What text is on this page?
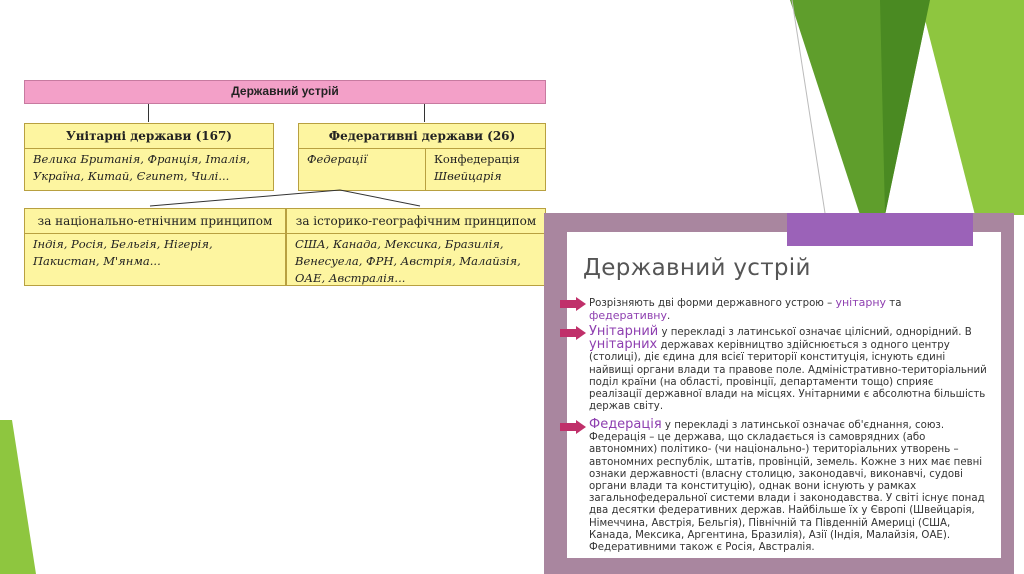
Державний устрій
Унітарні держави (167)
Велика Британія, Франція, Італія,
Україна, Китай, Єгипет, Чилі...
Федеративні держави (26)
Федерації	Конфедерація
Швейцарія
за національно-етнічним принципом
Індія, Росія, Бельгія, Нігерія,
Пакистан, М'янма...
за історико-географічним принципом
США, Канада, Мексика, Бразилія,
Венесуела, ФРН, Австрія, Малайзія,
ОАЕ, Австралія...	Державний устрій
Розрізняють дві форми державного устрою – унітарну та
федеративну.
Унітарний у перекладі з латинської означає цілісний, однорідний. В
унітарних державах керівництво здійснюється з одного центру (столиці), діє єдина для всієї території конституція, існують єдині найвищі органи влади та правове поле. Адміністративно-територіальний поділ країни (на області, провінції, департаменти тощо) сприяє реалізації державної влади на місцях. Унітарними є абсолютна більшість держав світу.
Федерація у перекладі з латинської означає об'єднання, союз. Федерація – це держава, що складається із самоврядних (або автономних) політико- (чи національно-) територіальних утворень – автономних республік, штатів, провінцій, земель. Кожне з них має певні ознаки державності (власну столицю, законодавчі, виконавчі, судові органи влади та конституцію), однак вони існують у рамках загальнофедеральної системи влади і законодавства. У світі існує понад два десятки федеративних держав. Найбільше їх у Європі (Швейцарія, Німеччина, Австрія, Бельгія), Північній та Південній Америці (США, Канада, Мексика, Аргентина, Бразилія), Азії (Індія, Малайзія, ОАЕ). Федеративними також є Росія, Австралія.
